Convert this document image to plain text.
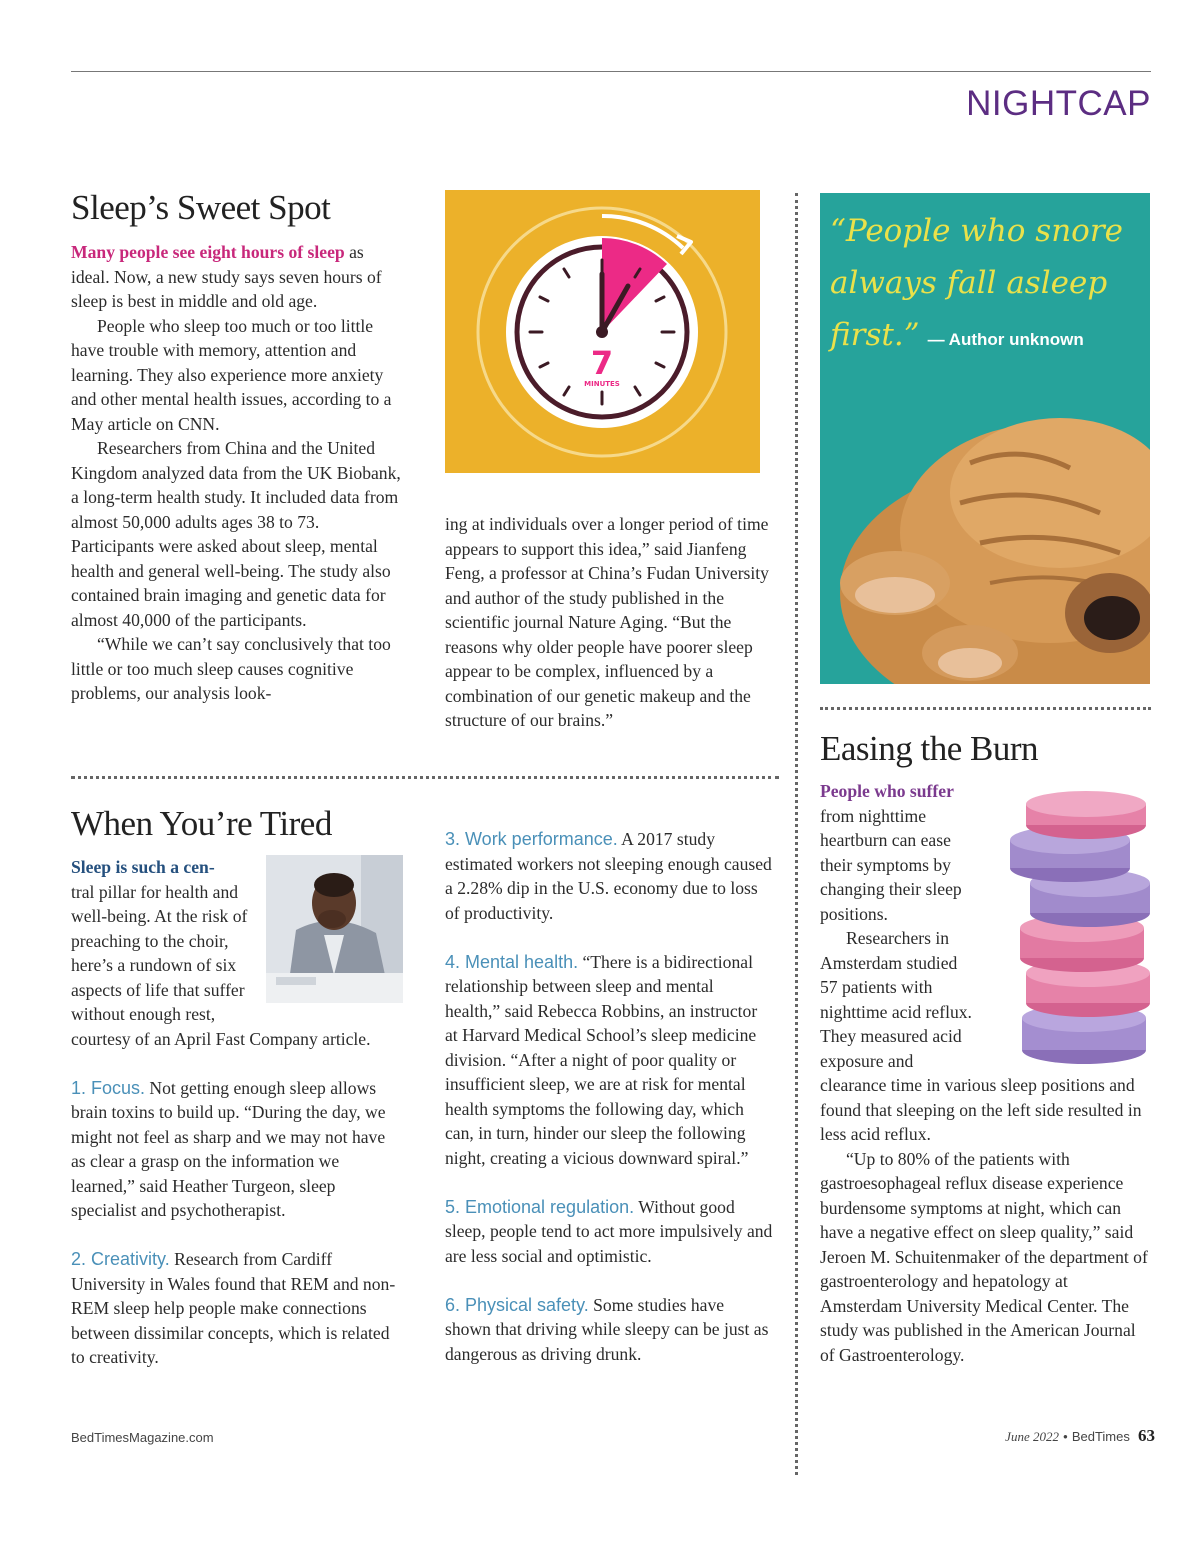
NIGHTCAP
Sleep’s Sweet Spot

Many people see eight hours of sleep as ideal. Now, a new study says seven hours of sleep is best in middle and old age.

People who sleep too much or too little have trouble with memory, attention and learning. They also experience more anxiety and other mental health issues, according to a May article on CNN.

Researchers from China and the United Kingdom analyzed data from the UK Biobank, a long-term health study. It included data from almost 50,000 adults ages 38 to 73. Participants were asked about sleep, mental health and general well-being. The study also contained brain imaging and genetic data for almost 40,000 of the participants.

“While we can’t say conclusively that too little or too much sleep causes cognitive problems, our analysis look-

7
MINUTES

ing at individuals over a longer period of time appears to support this idea,” said Jianfeng Feng, a professor at China’s Fudan University and author of the study published in the scientific journal Nature Aging. “But the reasons why older people have poorer sleep appear to be complex, influenced by a combination of our genetic makeup and the structure of our brains.”

“People who snore always fall asleep first.” — Author unknown
When You’re Tired

Sleep is such a cen-

tral pillar for health and well-being. At the risk of preaching to the choir, here’s a rundown of six aspects of life that suffer without enough rest, courtesy of an April Fast Company article.

1. Focus. Not getting enough sleep allows brain toxins to build up. “During the day, we might not feel as sharp and we may not have as clear a grasp on the information we learned,” said Heather Turgeon, sleep specialist and psychotherapist.

2. Creativity. Research from Cardiff University in Wales found that REM and non-REM sleep help people make connections between dissimilar concepts, which is related to creativity.

3. Work performance. A 2017 study estimated workers not sleeping enough caused a 2.28% dip in the U.S. economy due to loss of productivity.

4. Mental health. “There is a bidirectional relationship between sleep and mental health,” said Rebecca Robbins, an instructor at Harvard Medical School’s sleep medicine division. “After a night of poor quality or insufficient sleep, we are at risk for mental health symptoms the following day, which can, in turn, hinder our sleep the following night, creating a vicious downward spiral.”

5. Emotional regulation. Without good sleep, people tend to act more impulsively and are less social and optimistic.

6. Physical safety. Some studies have shown that driving while sleepy can be just as dangerous as driving drunk.

Easing the Burn

People who suffer from nighttime heartburn can ease their symptoms by changing their sleep positions.

Researchers in Amsterdam studied 57 patients with nighttime acid reflux. They measured acid exposure and clearance time in various sleep positions and found that sleeping on the left side resulted in less acid reflux.

“Up to 80% of the patients with gastroesophageal reflux disease experience burdensome symptoms at night, which can have a negative effect on sleep quality,” said Jeroen M. Schuitenmaker of the department of gastroenterology and hepatology at Amsterdam University Medical Center. The study was published in the American Journal of Gastroenterology.

BedTimesMagazine.com	June 2022 • BedTimes 63
